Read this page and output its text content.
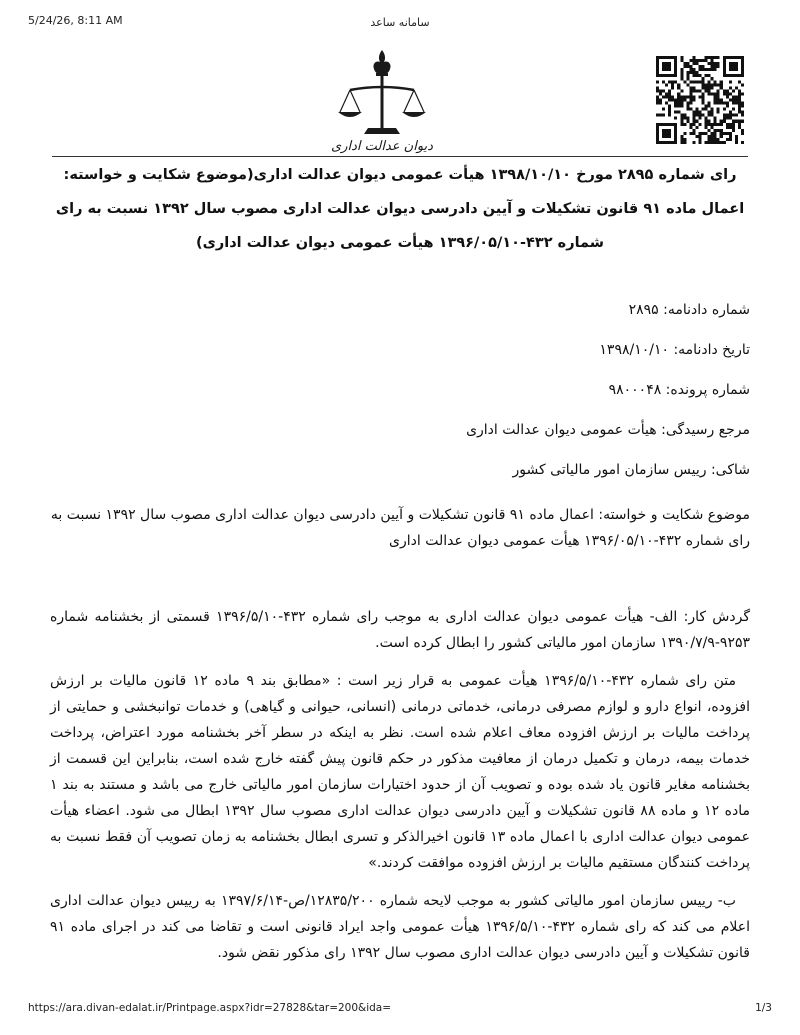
5/24/26, 8:11 AM	سامانه ساعد
دیوان عدالت اداری
رای شماره ۲۸۹۵ مورخ ۱۳۹۸/۱۰/۱۰ هیأت عمومی دیوان عدالت اداری(موضوع شکایت و خواسته: اعمال ماده ۹۱ قانون تشکیلات و آیین دادرسی دیوان عدالت اداری مصوب سال ۱۳۹۲ نسبت به رای شماره ۴۳۲-۱۳۹۶/۰۵/۱۰ هیأت عمومی دیوان عدالت اداری)
شماره دادنامه: ۲۸۹۵
تاریخ دادنامه: ۱۳۹۸/۱۰/۱۰
شماره پرونده: ۹۸۰۰۰۴۸
مرجع رسیدگی: هیأت عمومی دیوان عدالت اداری
شاکی: رییس سازمان امور مالیاتی کشور
موضوع شکایت و خواسته: اعمال ماده ۹۱ قانون تشکیلات و آیین دادرسی دیوان عدالت اداری مصوب سال ۱۳۹۲ نسبت به رای شماره ۴۳۲-۱۳۹۶/۰۵/۱۰ هیأت عمومی دیوان عدالت اداری

گردش کار: الف- هیأت عمومی دیوان عدالت اداری به موجب رای شماره ۴۳۲-۱۳۹۶/۵/۱۰ قسمتی از بخشنامه شماره ۹۲۵۳-۱۳۹۰/۷/۹ سازمان امور مالیاتی کشور را ابطال کرده است.

متن رای شماره ۴۳۲-۱۳۹۶/۵/۱۰ هیأت عمومی به قرار زیر است : «مطابق بند ۹ ماده ۱۲ قانون مالیات بر ارزش افزوده، انواع دارو و لوازم مصرفی درمانی، خدماتی درمانی (انسانی، حیوانی و گیاهی) و خدمات توانبخشی و حمایتی از پرداخت مالیات بر ارزش افزوده معاف اعلام شده است. نظر به اینکه در سطر آخر بخشنامه مورد اعتراض، پرداخت خدمات بیمه، درمان و تکمیل درمان از معافیت مذکور در حکم قانون پیش گفته خارج شده است، بنابراین این قسمت از بخشنامه مغایر قانون یاد شده بوده و تصویب آن از حدود اختیارات سازمان امور مالیاتی خارج می باشد و مستند به بند ۱ ماده ۱۲ و ماده ۸۸ قانون تشکیلات و آیین دادرسی دیوان عدالت اداری مصوب سال ۱۳۹۲ ابطال می شود. اعضاء هیأت عمومی دیوان عدالت اداری با اعمال ماده ۱۳ قانون اخیرالذکر و تسری ابطال بخشنامه به زمان تصویب آن فقط نسبت به پرداخت کنندگان مستقیم مالیات بر ارزش افزوده موافقت کردند.»

ب- رییس سازمان امور مالیاتی کشور به موجب لایحه شماره ۱۲۸۳۵/۲۰۰/ص-۱۳۹۷/۶/۱۴ به رییس دیوان عدالت اداری اعلام می کند که رای شماره ۴۳۲-۱۳۹۶/۵/۱۰ هیأت عمومی واجد ایراد قانونی است و تقاضا می کند در اجرای ماده ۹۱ قانون تشکیلات و آیین دادرسی دیوان عدالت اداری مصوب سال ۱۳۹۲ رای مذکور نقض شود.

https://ara.divan-edalat.ir/Printpage.aspx?idr=27828&tar=200&ida=	1/3
